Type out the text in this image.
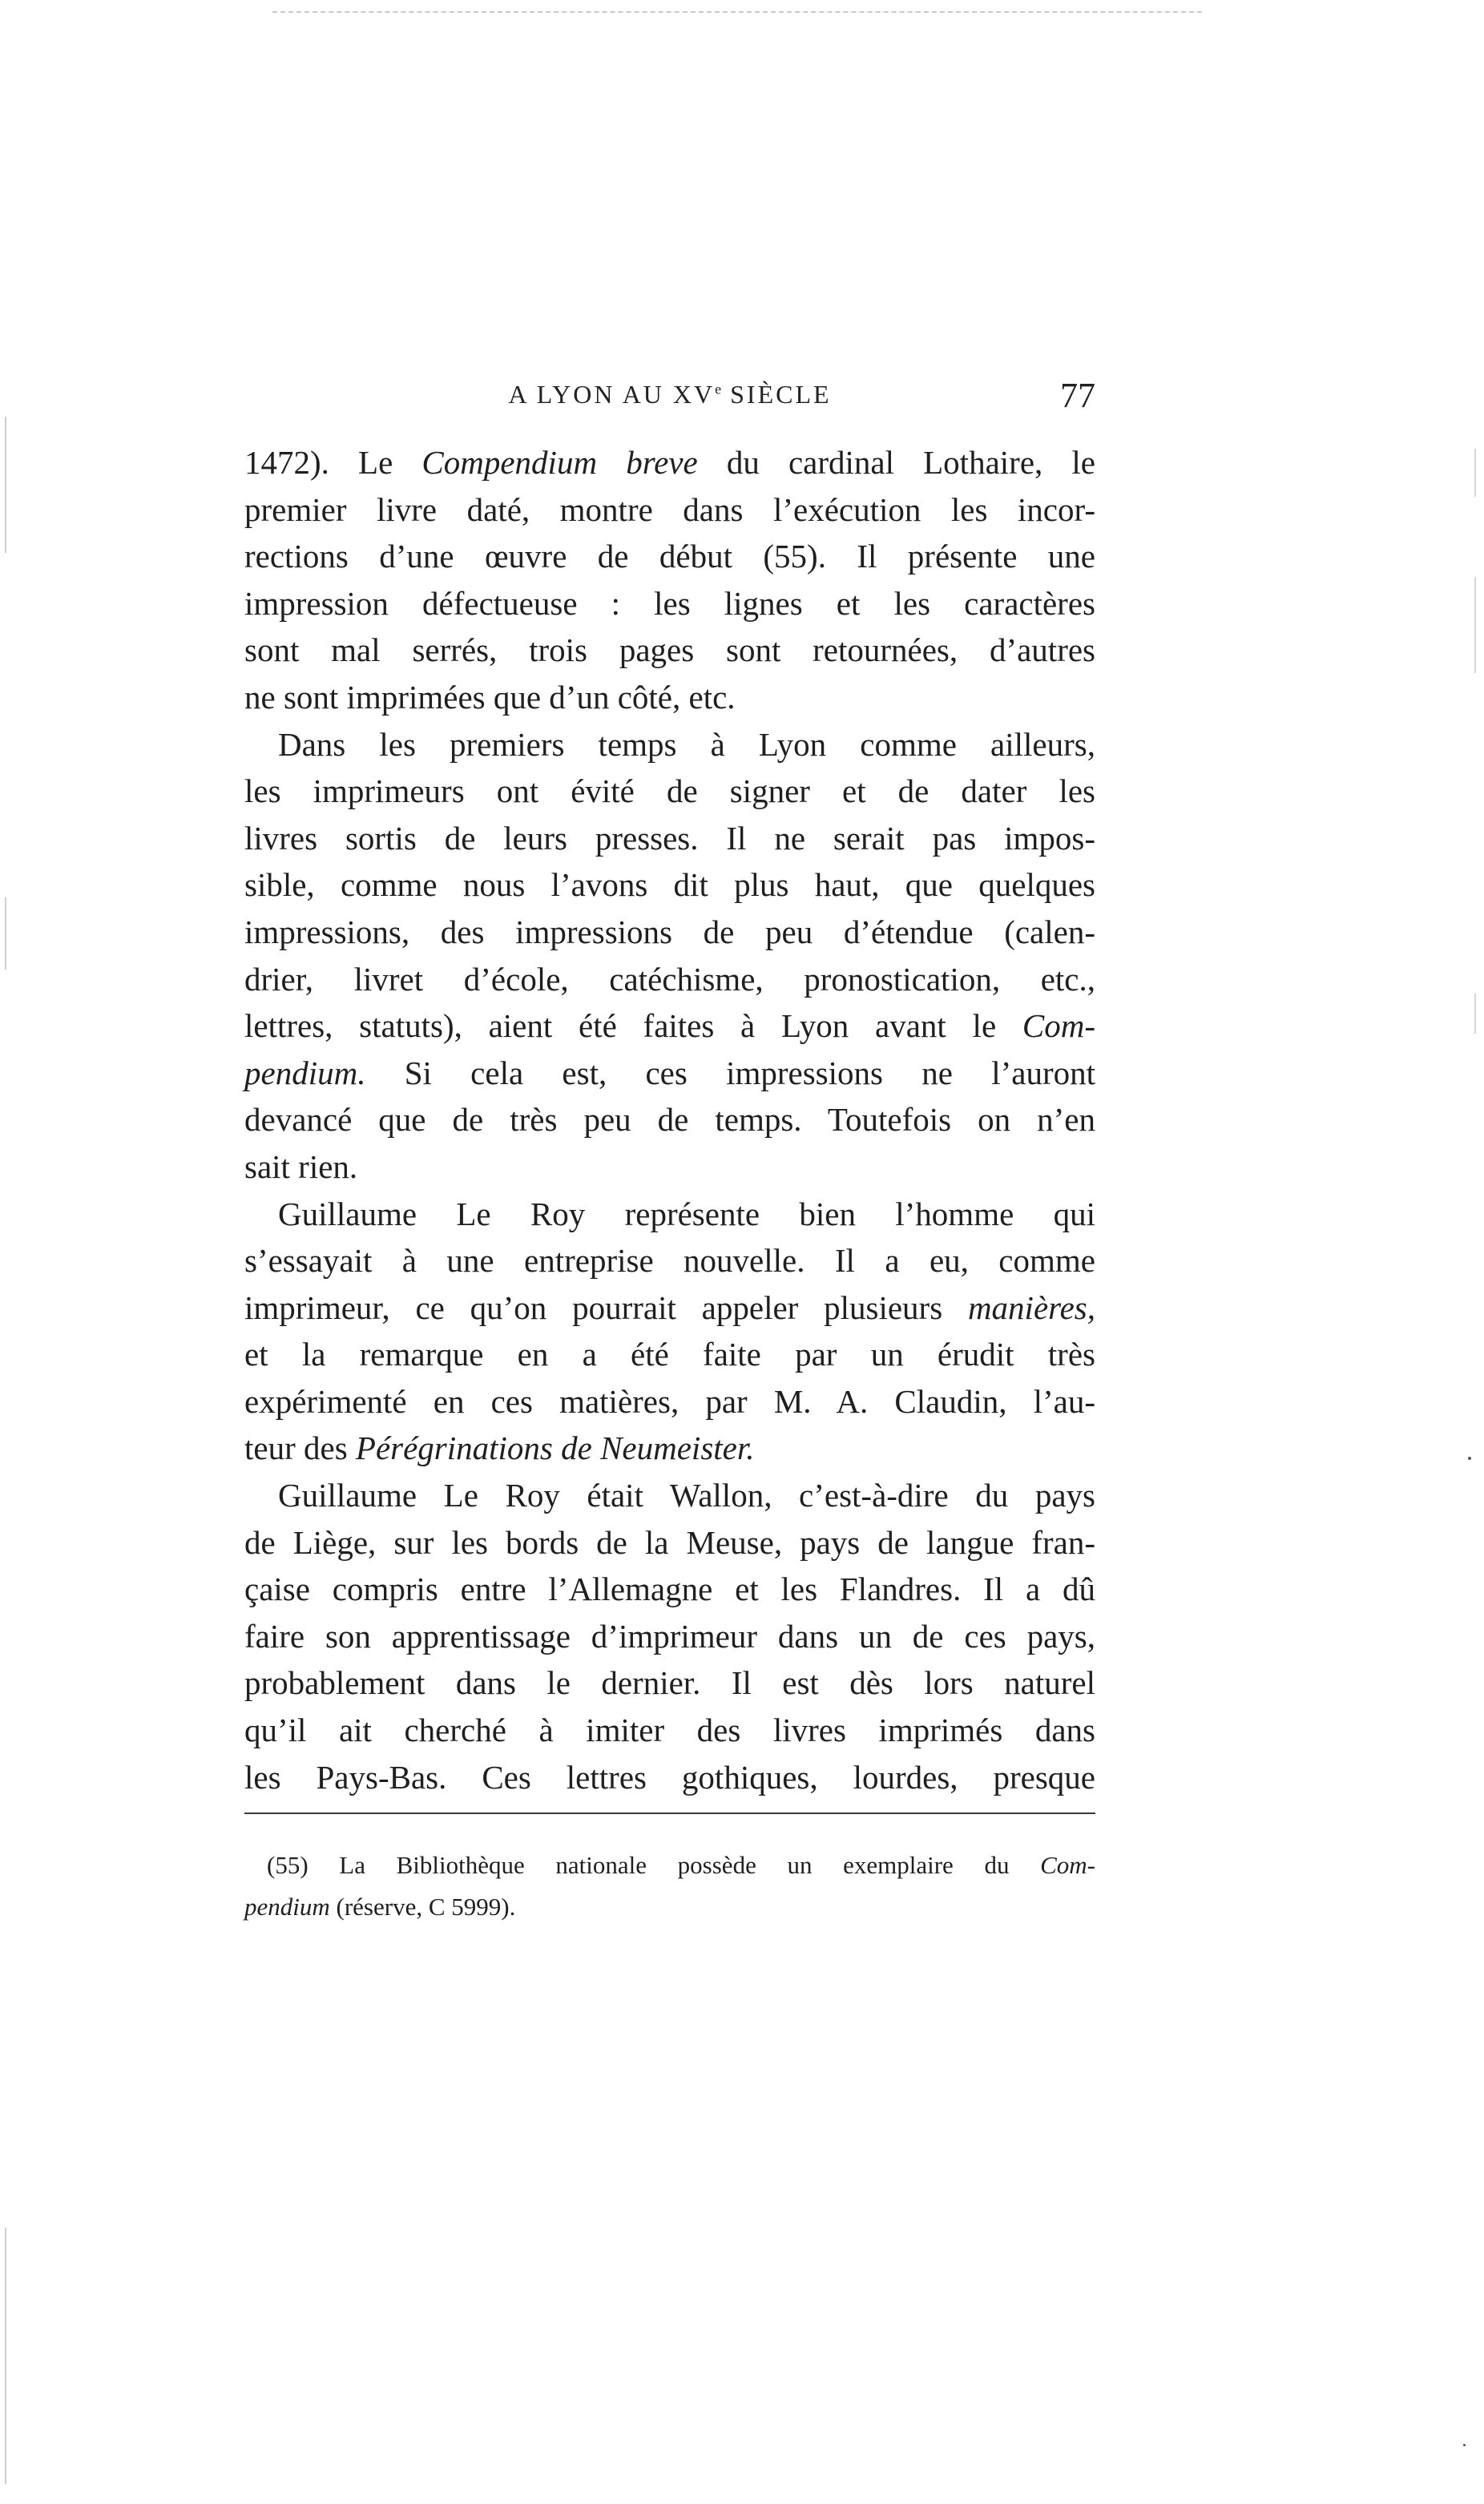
A LYON AU XVe SIÈCLE	77

1472). Le Compendium breve du cardinal Lothaire, le
premier livre daté, montre dans l’exécution les incor-
rections d’une œuvre de début (55). Il présente une
impression défectueuse : les lignes et les caractères
sont mal serrés, trois pages sont retournées, d’autres
ne sont imprimées que d’un côté, etc.

Dans les premiers temps à Lyon comme ailleurs,
les imprimeurs ont évité de signer et de dater les
livres sortis de leurs presses. Il ne serait pas impos-
sible, comme nous l’avons dit plus haut, que quelques
impressions, des impressions de peu d’étendue (calen-
drier, livret d’école, catéchisme, pronostication, etc.,
lettres, statuts), aient été faites à Lyon avant le Com-
pendium. Si cela est, ces impressions ne l’auront
devancé que de très peu de temps. Toutefois on n’en
sait rien.

Guillaume Le Roy représente bien l’homme qui
s’essayait à une entreprise nouvelle. Il a eu, comme
imprimeur, ce qu’on pourrait appeler plusieurs manières,
et la remarque en a été faite par un érudit très
expérimenté en ces matières, par M. A. Claudin, l’au-
teur des Pérégrinations de Neumeister.

Guillaume Le Roy était Wallon, c’est-à-dire du pays
de Liège, sur les bords de la Meuse, pays de langue fran-
çaise compris entre l’Allemagne et les Flandres. Il a dû
faire son apprentissage d’imprimeur dans un de ces pays,
probablement dans le dernier. Il est dès lors naturel
qu’il ait cherché à imiter des livres imprimés dans
les Pays-Bas. Ces lettres gothiques, lourdes, presque

(55) La Bibliothèque nationale possède un exemplaire du Com-
pendium (réserve, C 5999).
